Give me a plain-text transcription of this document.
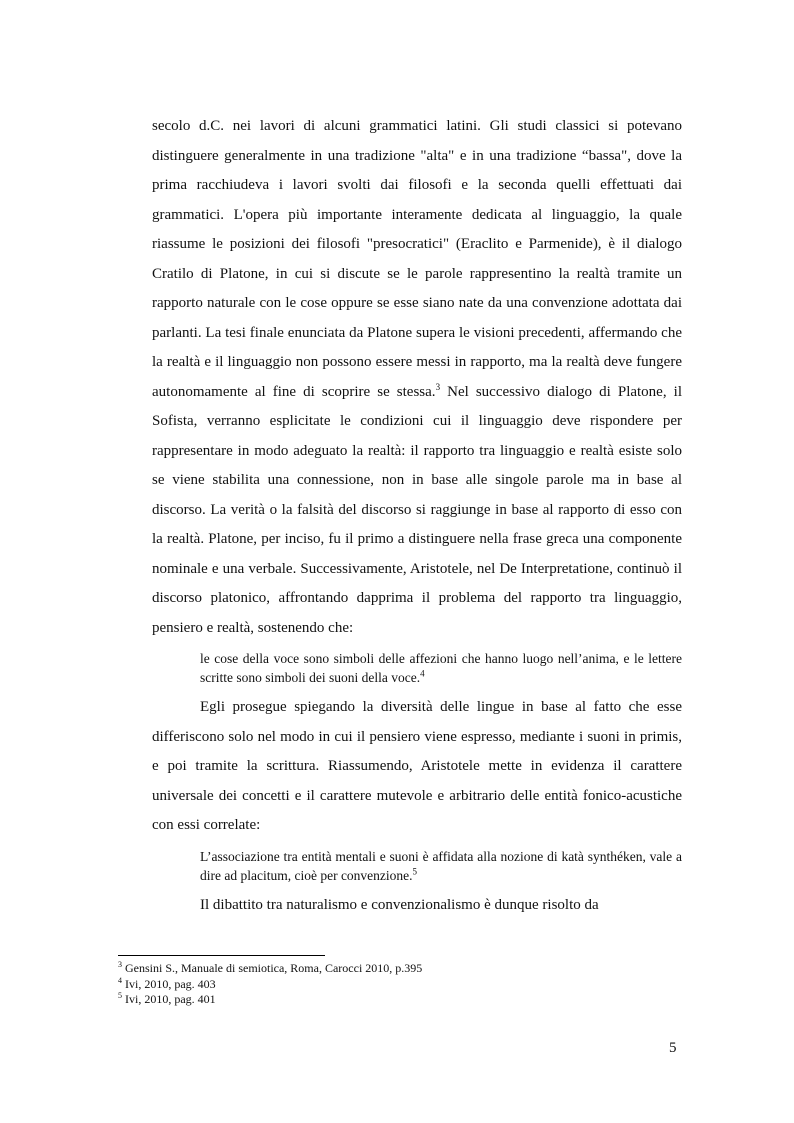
secolo d.C. nei lavori di alcuni grammatici latini. Gli studi classici si potevano distinguere generalmente in una tradizione "alta" e in una tradizione “bassa", dove la prima racchiudeva i lavori svolti dai filosofi e la seconda quelli effettuati dai grammatici. L'opera più importante interamente dedicata al linguaggio, la quale riassume le posizioni dei filosofi "presocratici" (Eraclito e Parmenide), è il dialogo Cratilo di Platone, in cui si discute se le parole rappresentino la realtà tramite un rapporto naturale con le cose oppure se esse siano nate da una convenzione adottata dai parlanti. La tesi finale enunciata da Platone supera le visioni precedenti, affermando che la realtà e il linguaggio non possono essere messi in rapporto, ma la realtà deve fungere autonomamente al fine di scoprire se stessa.$^3$ Nel successivo dialogo di Platone, il Sofista, verranno esplicitate le condizioni cui il linguaggio deve rispondere per rappresentare in modo adeguato la realtà: il rapporto tra linguaggio e realtà esiste solo se viene stabilita una connessione, non in base alle singole parole ma in base al discorso. La verità o la falsità del discorso si raggiunge in base al rapporto di esso con la realtà. Platone, per inciso, fu il primo a distinguere nella frase greca una componente nominale e una verbale. Successivamente, Aristotele, nel De Interpretatione, continuò il discorso platonico, affrontando dapprima il problema del rapporto tra linguaggio, pensiero e realtà, sostenendo che:

le cose della voce sono simboli delle affezioni che hanno luogo nell’anima, e le lettere scritte sono simboli dei suoni della voce.$^4$

Egli prosegue spiegando la diversità delle lingue in base al fatto che esse differiscono solo nel modo in cui il pensiero viene espresso, mediante i suoni in primis, e poi tramite la scrittura. Riassumendo, Aristotele mette in evidenza il carattere universale dei concetti e il carattere mutevole e arbitrario delle entità fonico-acustiche con essi correlate:

L’associazione tra entità mentali e suoni è affidata alla nozione di katà synthéken, vale a dire ad placitum, cioè per convenzione.$^5$

Il dibattito tra naturalismo e convenzionalismo è dunque risolto da

$^3$ Gensini S., Manuale di semiotica, Roma, Carocci 2010, p.395
$^4$ Ivi, 2010, pag. 403
$^5$ Ivi, 2010, pag. 401
5
